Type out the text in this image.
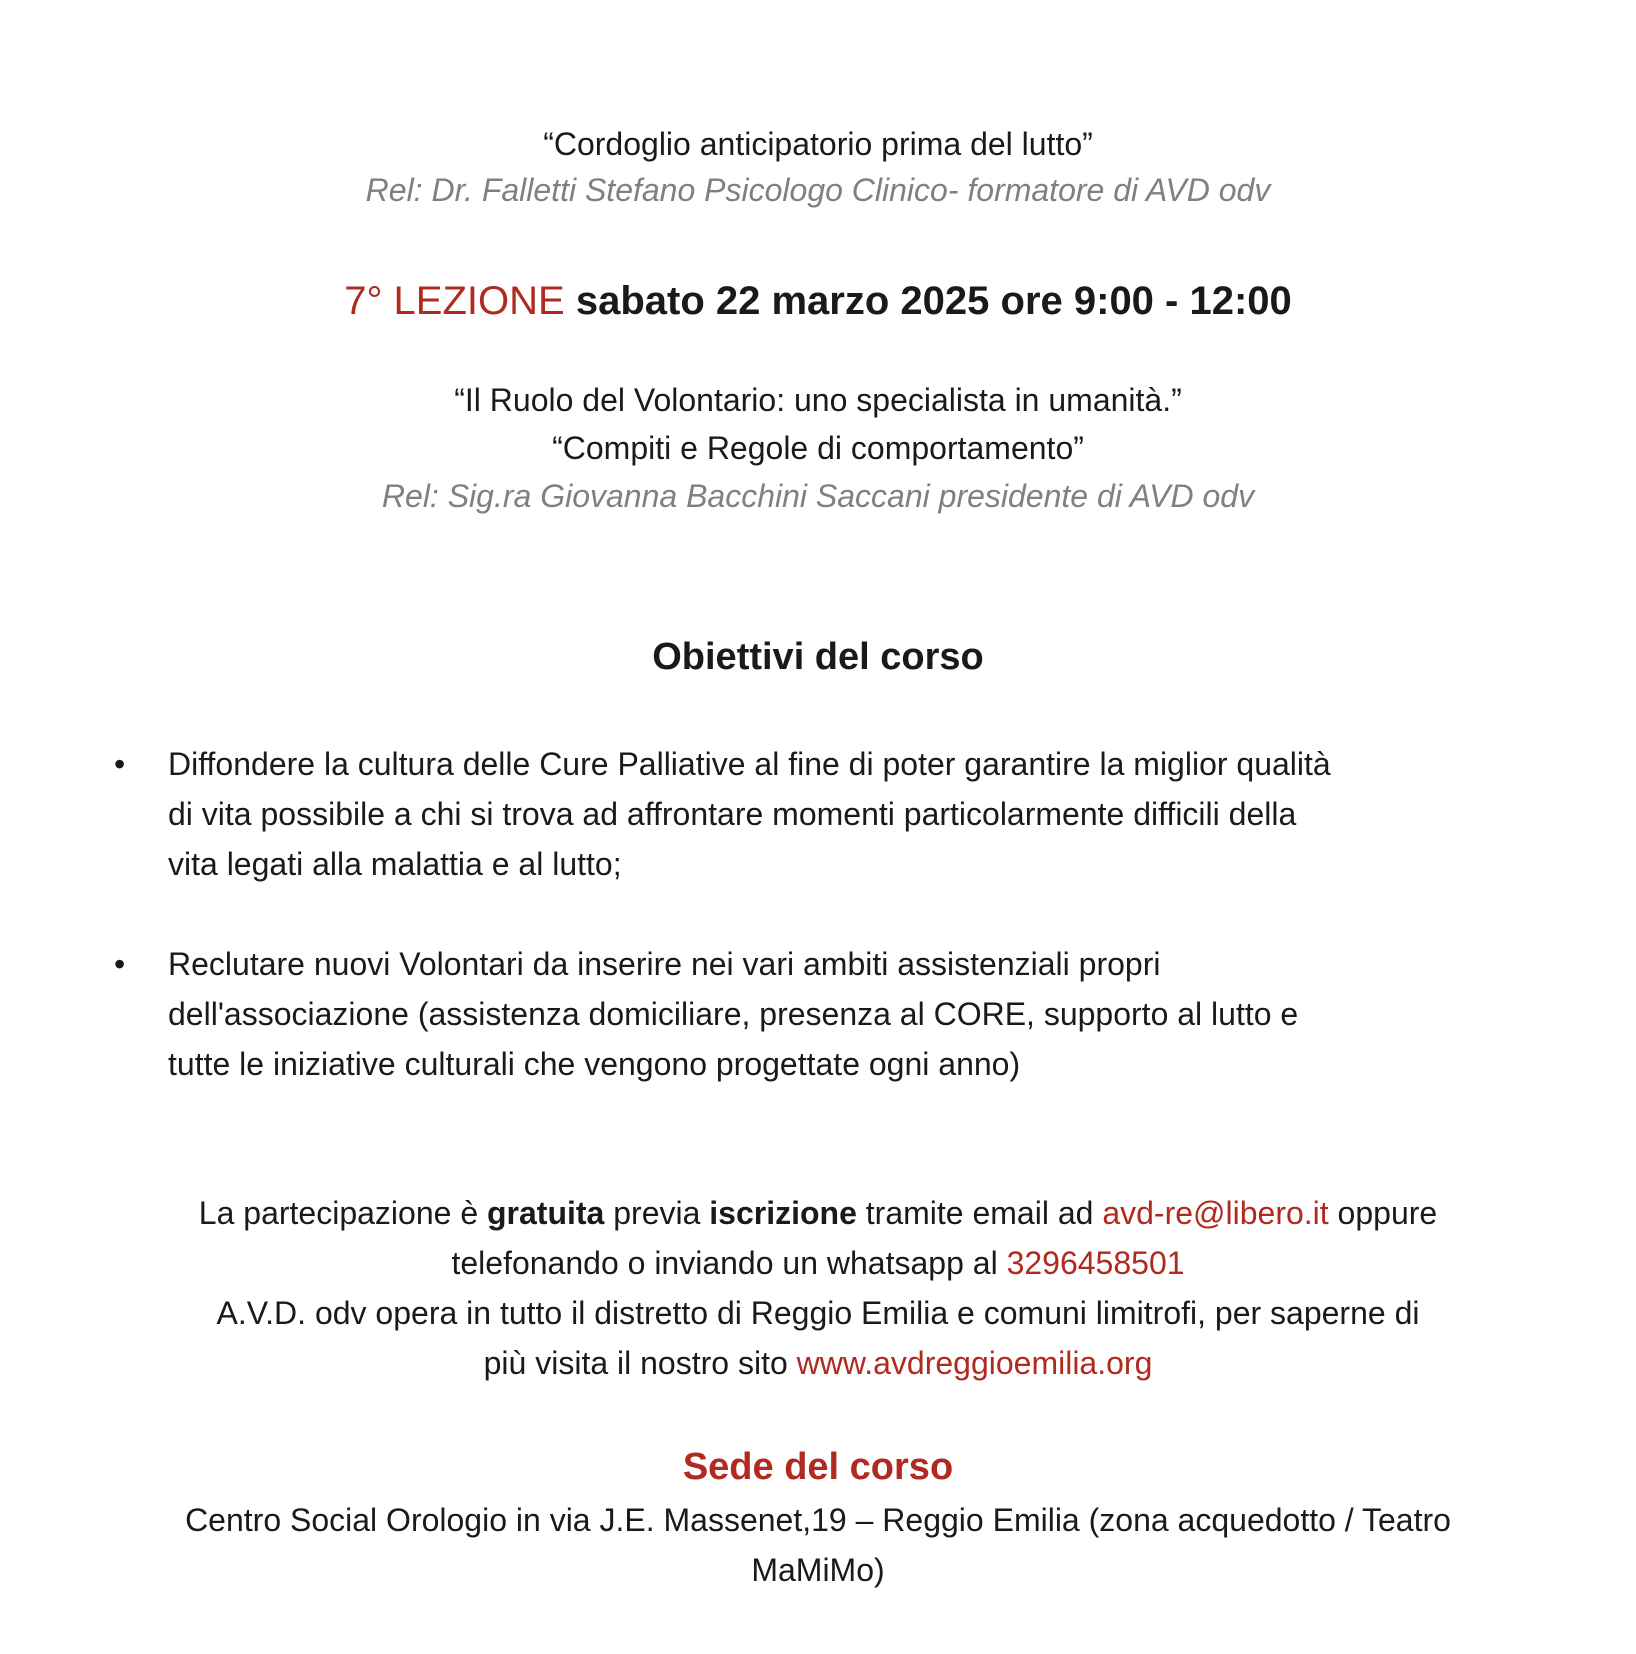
“Cordoglio anticipatorio prima del lutto”
Rel: Dr. Falletti Stefano Psicologo Clinico- formatore di AVD odv
7° LEZIONE sabato 22 marzo 2025 ore 9:00 - 12:00
“Il Ruolo del Volontario: uno specialista in umanità.”
“Compiti e Regole di comportamento”
Rel: Sig.ra Giovanna Bacchini Saccani presidente di AVD odv
Obiettivi del corso
• Diffondere la cultura delle Cure Palliative al fine di poter garantire la miglior qualità
di vita possibile a chi si trova ad affrontare momenti particolarmente difficili della
vita legati alla malattia e al lutto;
• Reclutare nuovi Volontari da inserire nei vari ambiti assistenziali propri
dell'associazione (assistenza domiciliare, presenza al CORE, supporto al lutto e
tutte le iniziative culturali che vengono progettate ogni anno)
La partecipazione è gratuita previa iscrizione tramite email ad avd-re@libero.it oppure
telefonando o inviando un whatsapp al 3296458501
A.V.D. odv opera in tutto il distretto di Reggio Emilia e comuni limitrofi, per saperne di
più visita il nostro sito www.avdreggioemilia.org
Sede del corso
Centro Social Orologio in via J.E. Massenet,19 – Reggio Emilia (zona acquedotto / Teatro
MaMiMo)
